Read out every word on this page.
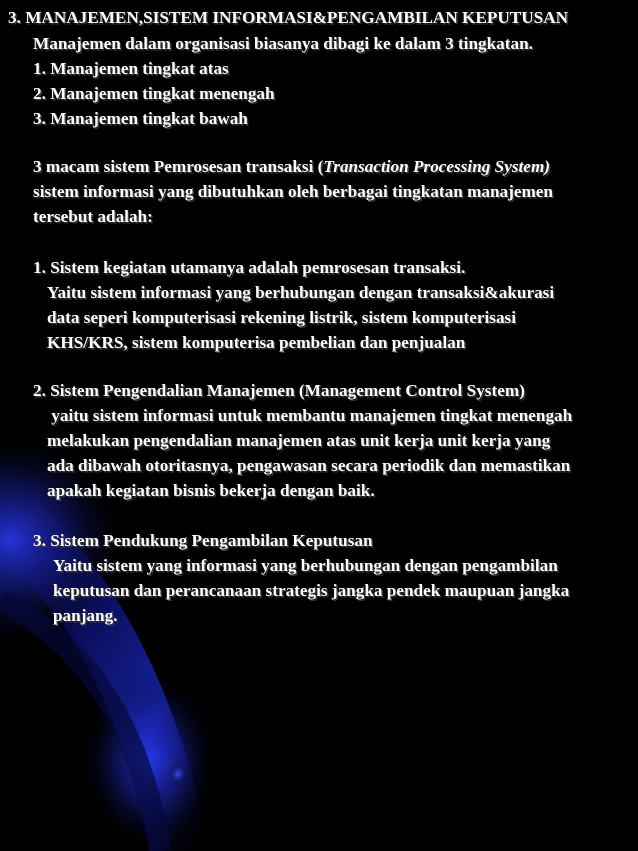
3. MANAJEMEN,SISTEM INFORMASI&PENGAMBILAN KEPUTUSAN
Manajemen dalam organisasi biasanya dibagi ke dalam 3 tingkatan.
1. Manajemen tingkat atas
2. Manajemen tingkat menengah
3. Manajemen tingkat bawah
3 macam sistem Pemrosesan transaksi (Transaction Processing System)
sistem informasi yang dibutuhkan oleh berbagai tingkatan manajemen
tersebut adalah:
1. Sistem kegiatan utamanya adalah pemrosesan transaksi.
Yaitu sistem informasi yang berhubungan dengan transaksi&akurasi
data seperi komputerisasi rekening listrik, sistem komputerisasi
KHS/KRS, sistem komputerisa pembelian dan penjualan
2. Sistem Pengendalian Manajemen (Management Control System)
yaitu sistem informasi untuk membantu manajemen tingkat menengah
melakukan pengendalian manajemen atas unit kerja unit kerja yang
ada dibawah otoritasnya, pengawasan secara periodik dan memastikan
apakah kegiatan bisnis bekerja dengan baik.
3. Sistem Pendukung Pengambilan Keputusan
Yaitu sistem yang informasi yang berhubungan dengan pengambilan
keputusan dan perancanaan strategis jangka pendek maupuan jangka
panjang.
